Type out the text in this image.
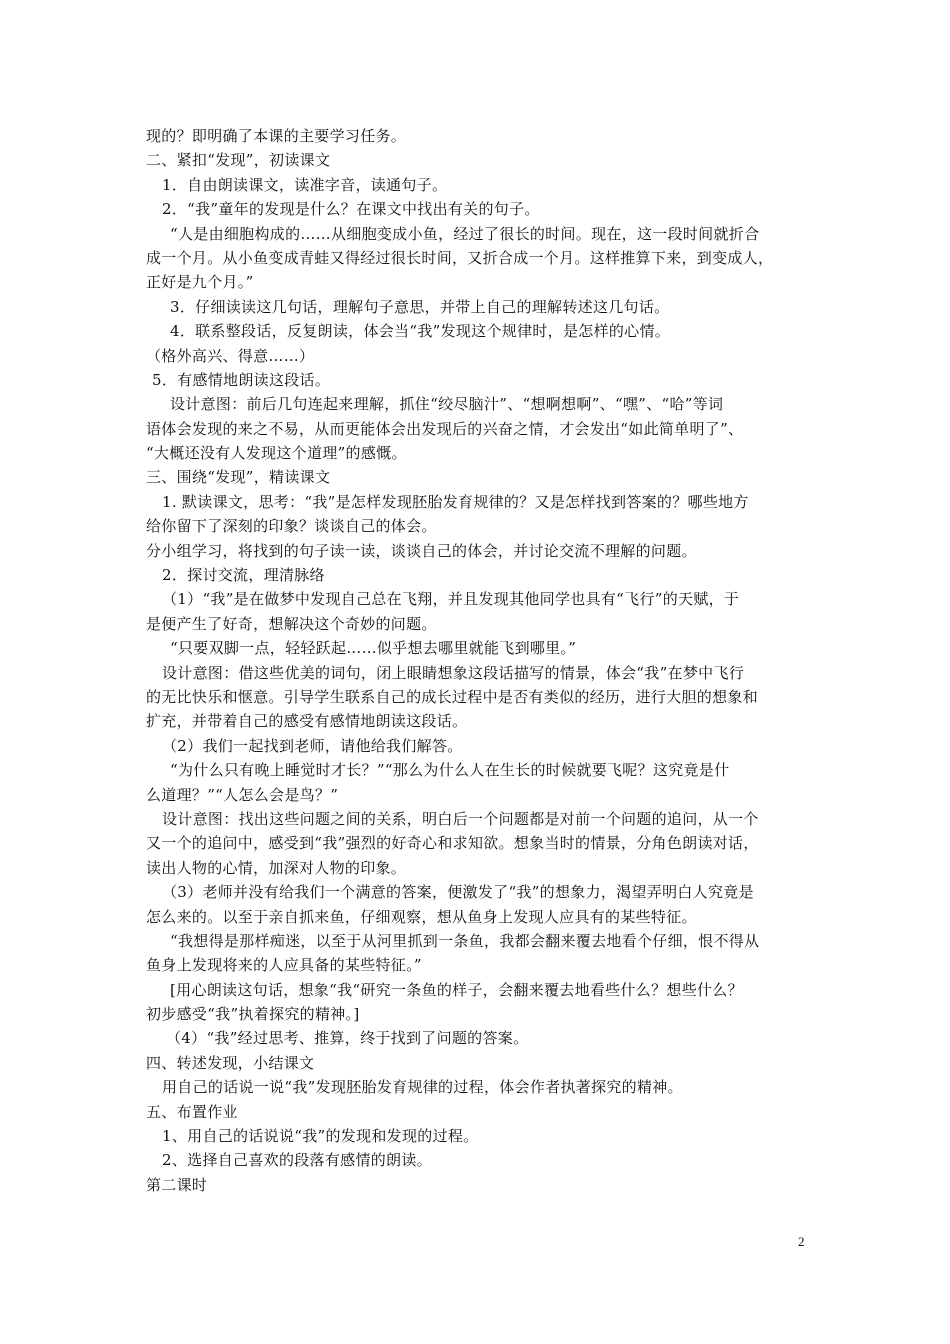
现的？即明确了本课的主要学习任务。
二、紧扣“发现”，初读课文
1．自由朗读课文，读准字音，读通句子。
2．“我”童年的发现是什么？在课文中找出有关的句子。
“人是由细胞构成的……从细胞变成小鱼，经过了很长的时间。现在，这一段时间就折合
成一个月。从小鱼变成青蛙又得经过很长时间，又折合成一个月。这样推算下来，到变成人，
正好是九个月。”
3．仔细读读这几句话，理解句子意思，并带上自己的理解转述这几句话。
4．联系整段话，反复朗读，体会当“我”发现这个规律时，是怎样的心情。
（格外高兴、得意……）
5．有感情地朗读这段话。
设计意图：前后几句连起来理解，抓住“绞尽脑汁”、“想啊想啊”、“嘿”、“哈”等词
语体会发现的来之不易，从而更能体会出发现后的兴奋之情，才会发出“如此简单明了”、
“大概还没有人发现这个道理”的感慨。
三、围绕“发现”，精读课文
1. 默读课文，思考：“我”是怎样发现胚胎发育规律的？又是怎样找到答案的？哪些地方
给你留下了深刻的印象？谈谈自己的体会。
分小组学习，将找到的句子读一读，谈谈自己的体会，并讨论交流不理解的问题。
2．探讨交流，理清脉络
（1）“我”是在做梦中发现自己总在飞翔，并且发现其他同学也具有“飞行”的天赋，于
是便产生了好奇，想解决这个奇妙的问题。
“只要双脚一点，轻轻跃起……似乎想去哪里就能飞到哪里。”
设计意图：借这些优美的词句，闭上眼睛想象这段话描写的情景，体会“我”在梦中飞行
的无比快乐和惬意。引导学生联系自己的成长过程中是否有类似的经历，进行大胆的想象和
扩充，并带着自己的感受有感情地朗读这段话。
（2）我们一起找到老师，请他给我们解答。
“为什么只有晚上睡觉时才长？”“那么为什么人在生长的时候就要飞呢？这究竟是什
么道理？”“人怎么会是鸟？”
设计意图：找出这些问题之间的关系，明白后一个问题都是对前一个问题的追问，从一个
又一个的追问中，感受到“我”强烈的好奇心和求知欲。想象当时的情景，分角色朗读对话，
读出人物的心情，加深对人物的印象。
（3）老师并没有给我们一个满意的答案，便激发了“我”的想象力，渴望弄明白人究竟是
怎么来的。以至于亲自抓来鱼，仔细观察，想从鱼身上发现人应具有的某些特征。
“我想得是那样痴迷，以至于从河里抓到一条鱼，我都会翻来覆去地看个仔细，恨不得从
鱼身上发现将来的人应具备的某些特征。”
[用心朗读这句话，想象“我“研究一条鱼的样子，会翻来覆去地看些什么？想些什么？
初步感受“我”执着探究的精神。]
（4）“我”经过思考、推算，终于找到了问题的答案。
四、转述发现，小结课文
用自己的话说一说“我”发现胚胎发育规律的过程，体会作者执著探究的精神。
五、布置作业
1、用自己的话说说“我”的发现和发现的过程。
2、选择自己喜欢的段落有感情的朗读。
第二课时
2
